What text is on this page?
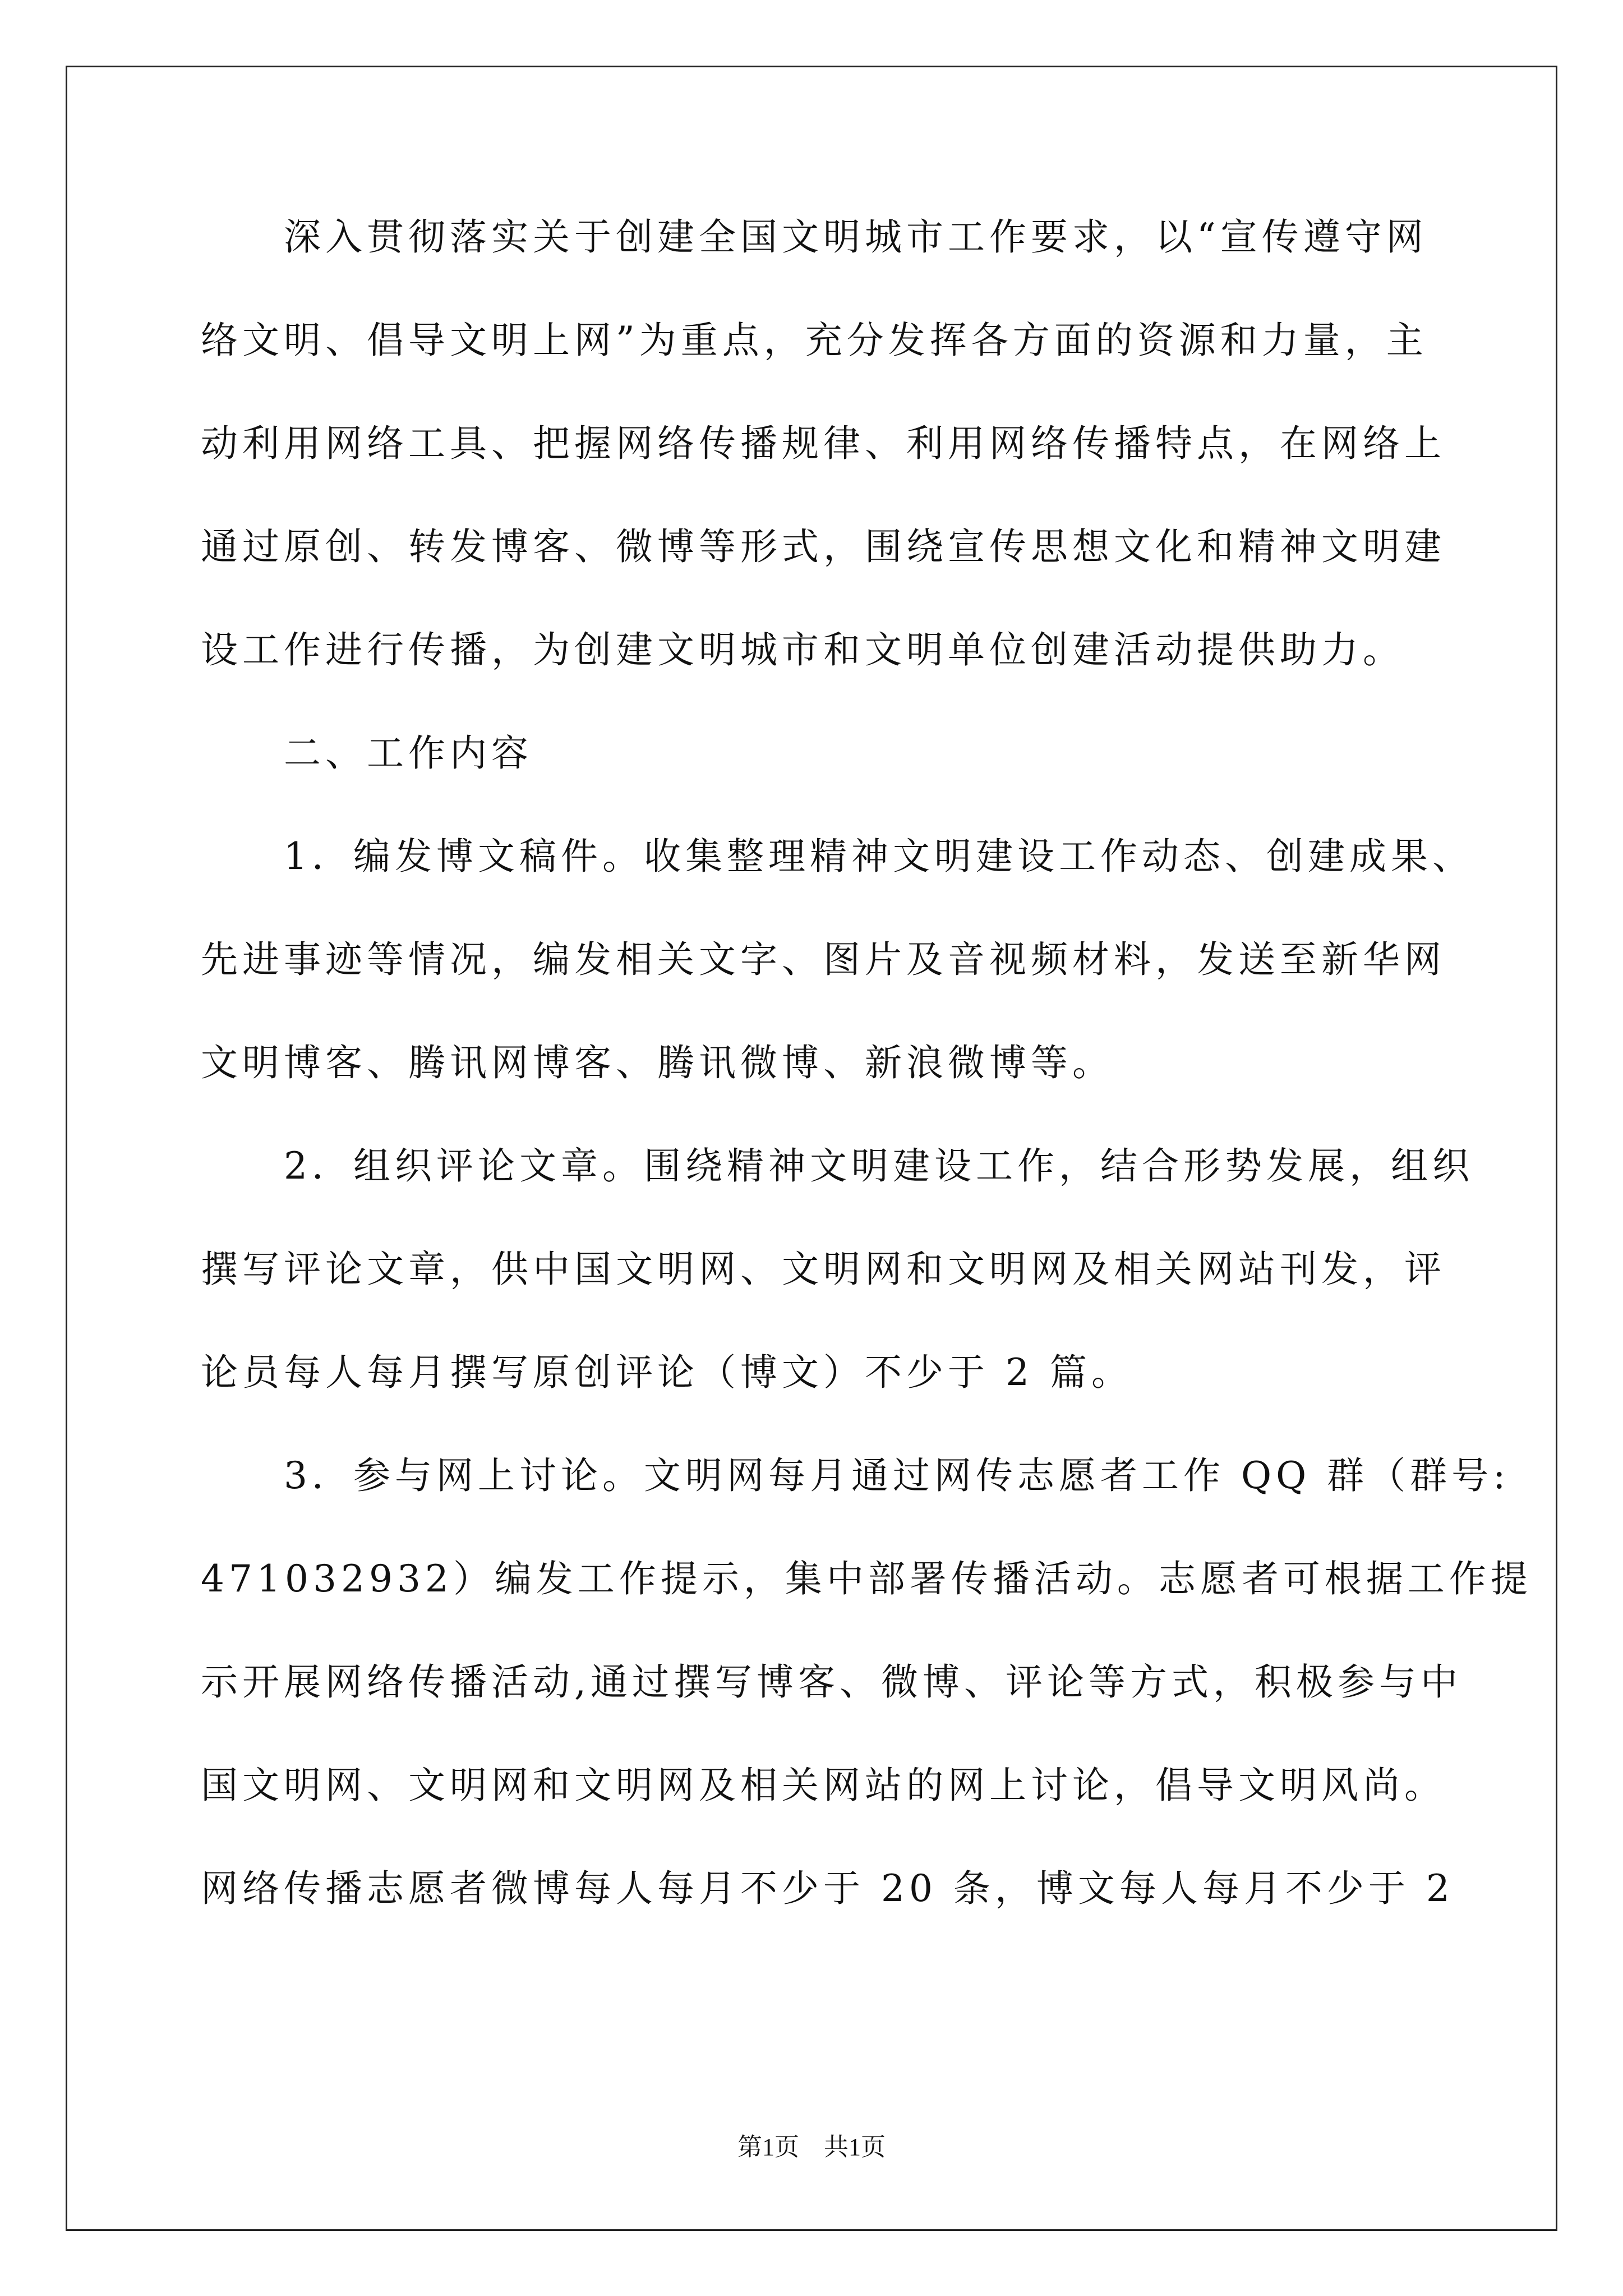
　　深入贯彻落实关于创建全国文明城市工作要求，以“宣传遵守网
络文明、倡导文明上网”为重点，充分发挥各方面的资源和力量，主
动利用网络工具、把握网络传播规律、利用网络传播特点，在网络上
通过原创、转发博客、微博等形式，围绕宣传思想文化和精神文明建
设工作进行传播，为创建文明城市和文明单位创建活动提供助力。
　　二、工作内容
　　1．编发博文稿件。收集整理精神文明建设工作动态、创建成果、
先进事迹等情况，编发相关文字、图片及音视频材料，发送至新华网
文明博客、腾讯网博客、腾讯微博、新浪微博等。
　　2．组织评论文章。围绕精神文明建设工作，结合形势发展，组织
撰写评论文章，供中国文明网、文明网和文明网及相关网站刊发，评
论员每人每月撰写原创评论（博文）不少于 2 篇。
　　3．参与网上讨论。文明网每月通过网传志愿者工作 QQ 群（群号:
471032932）编发工作提示，集中部署传播活动。志愿者可根据工作提
示开展网络传播活动,通过撰写博客、微博、评论等方式，积极参与中
国文明网、文明网和文明网及相关网站的网上讨论，倡导文明风尚。
网络传播志愿者微博每人每月不少于 20 条，博文每人每月不少于 2
第1页　共1页
